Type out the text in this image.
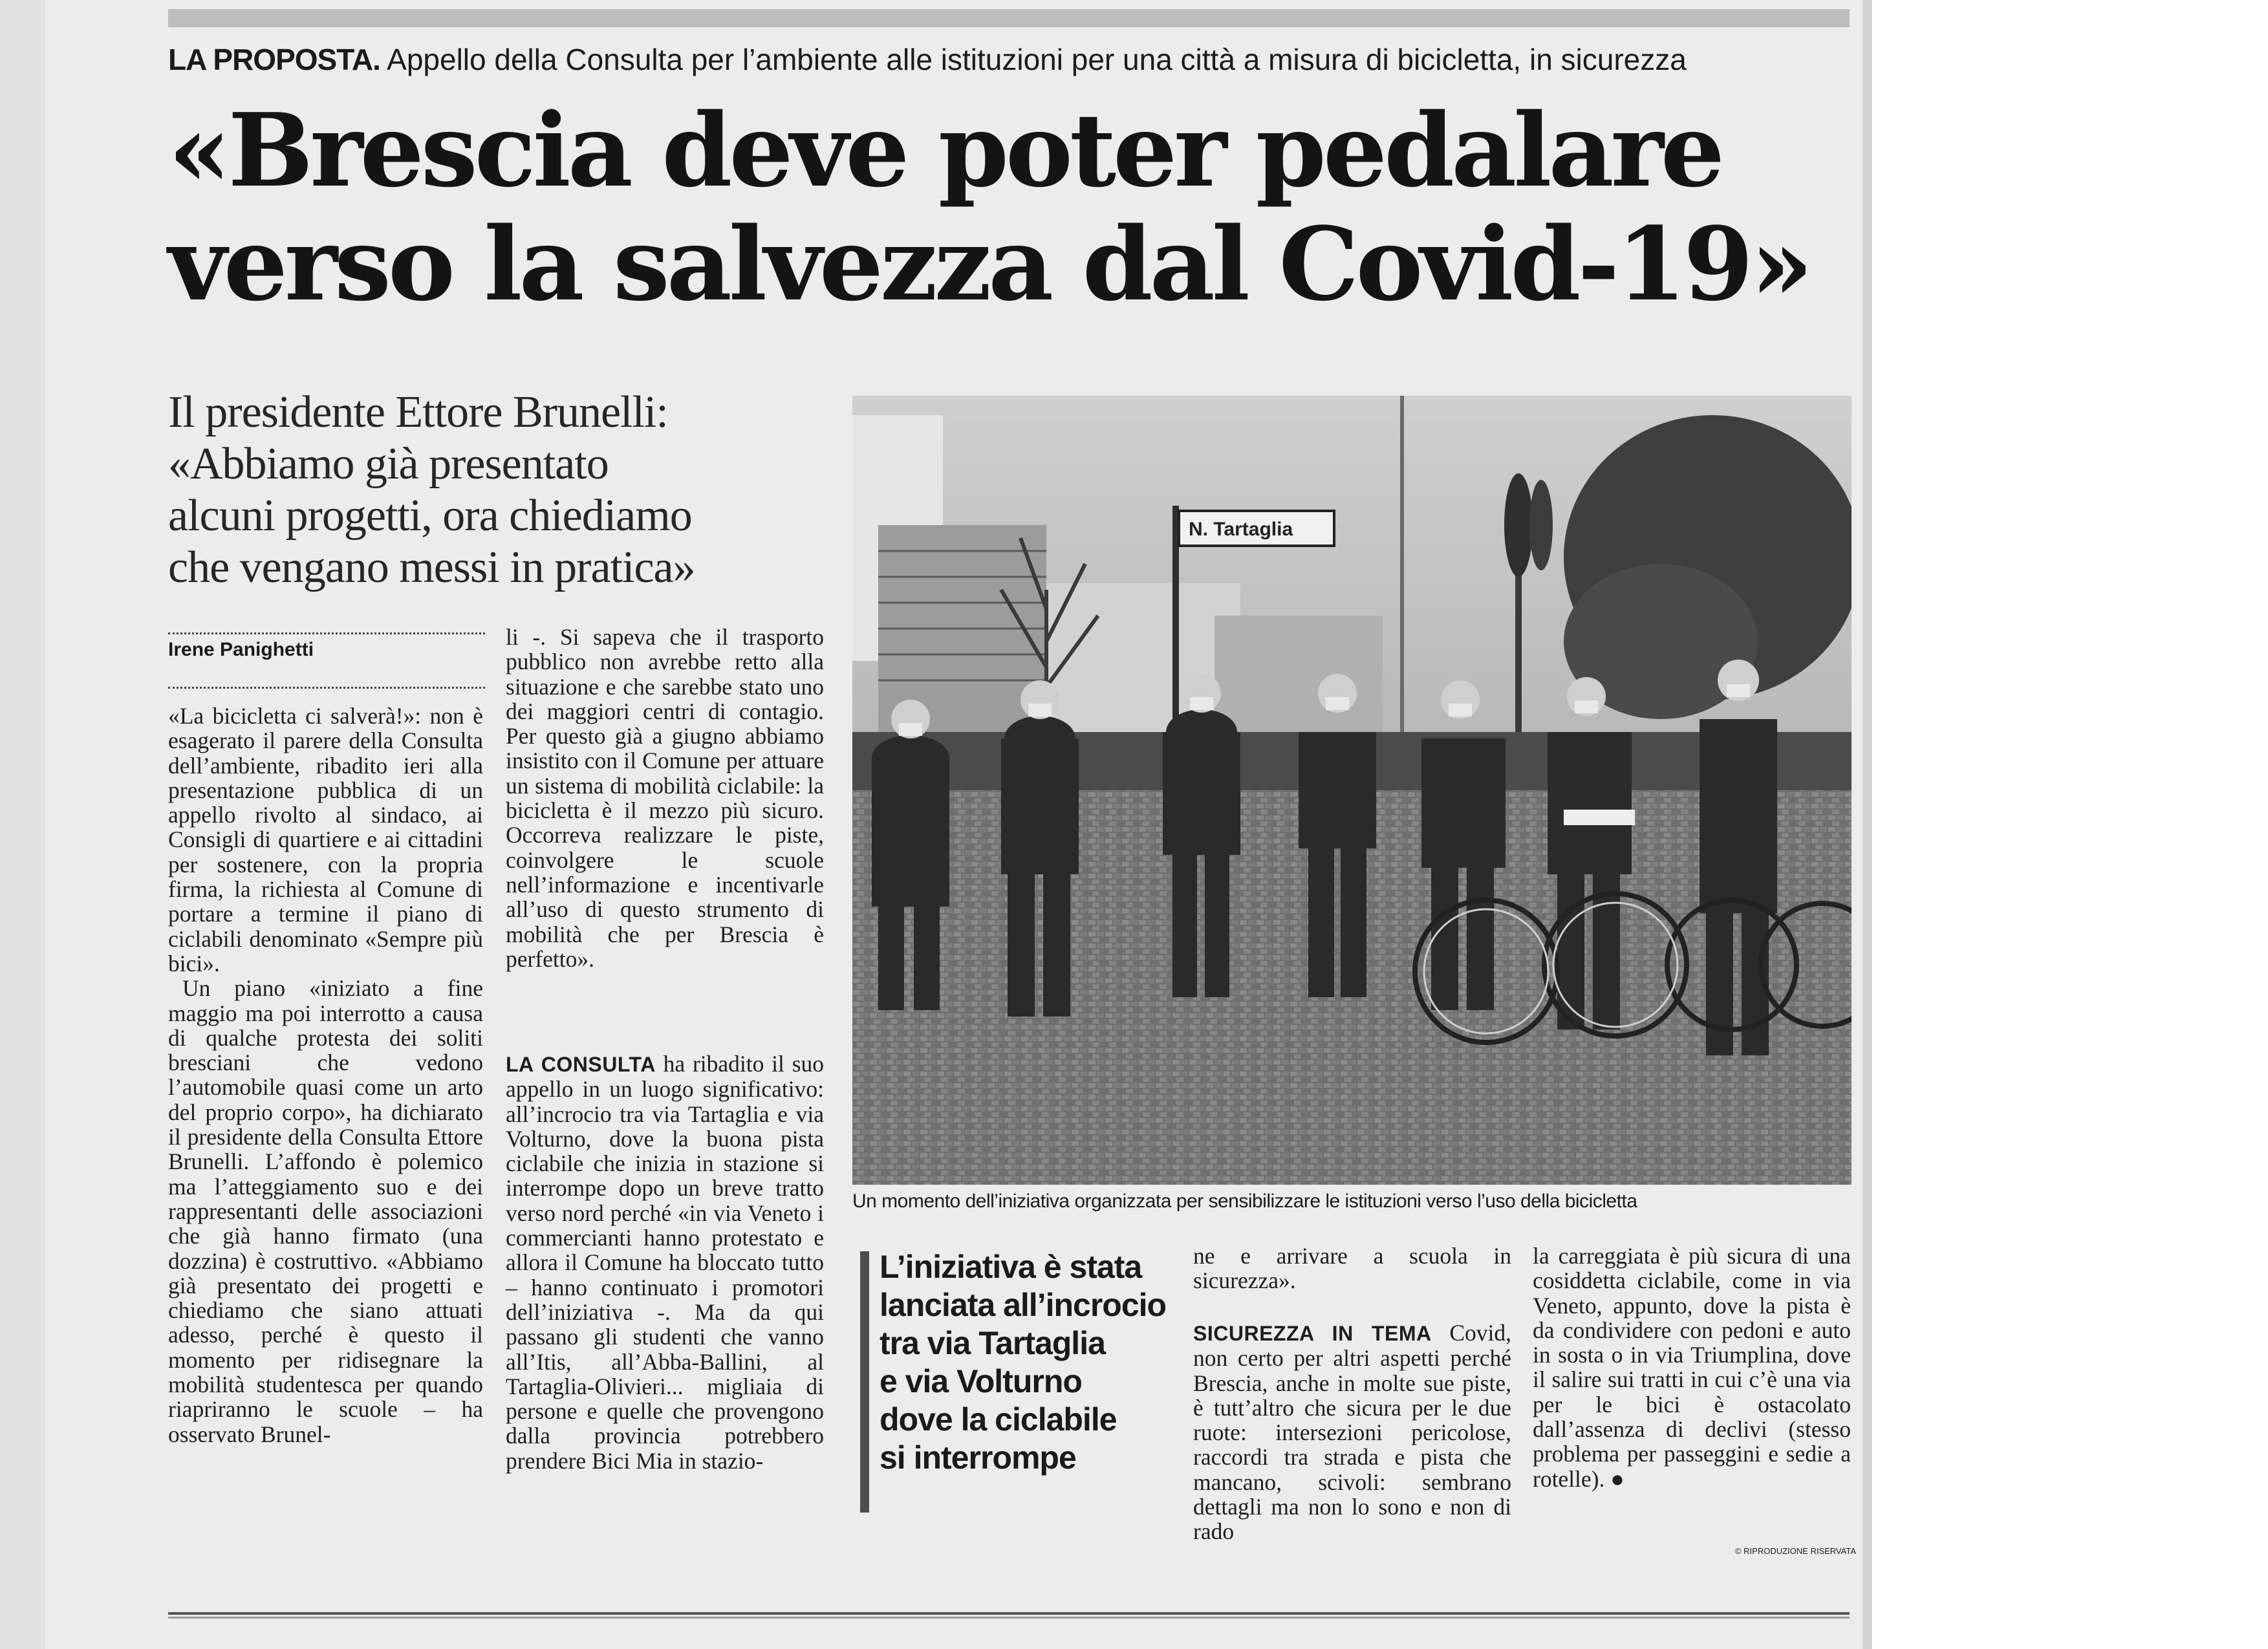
LA PROPOSTA. Appello della Consulta per l’ambiente alle istituzioni per una città a misura di bicicletta, in sicurezza
«Brescia deve poter pedalare
verso la salvezza dal Covid-19»
Il presidente Ettore Brunelli:
«Abbiamo già presentato
alcuni progetti, ora chiediamo
che vengano messi in pratica»
Irene Panighetti

«La bicicletta ci salverà!»: non è esagerato il parere della Consulta dell’ambiente, ribadito ieri alla presentazione pubblica di un appello rivolto al sindaco, ai Consigli di quartiere e ai cittadini per sostenere, con la propria firma, la richiesta al Comune di portare a termine il piano di ciclabili denominato «Sempre più bici».

Un piano «iniziato a fine maggio ma poi interrotto a causa di qualche protesta dei soliti bresciani che vedono l’automobile quasi come un arto del proprio corpo», ha dichiarato il presidente della Consulta Ettore Brunelli. L’affondo è polemico ma l’atteggiamento suo e dei rappresentanti delle associazioni che già hanno firmato (una dozzina) è costruttivo. «Abbiamo già presentato dei progetti e chiediamo che siano attuati adesso, perché è questo il momento per ridisegnare la mobilità studentesca per quando riapriranno le scuole – ha osservato Brunel-

li -. Si sapeva che il trasporto pubblico non avrebbe retto alla situazione e che sarebbe stato uno dei maggiori centri di contagio. Per questo già a giugno abbiamo insistito con il Comune per attuare un sistema di mobilità ciclabile: la bicicletta è il mezzo più sicuro. Occorreva realizzare le piste, coinvolgere le scuole nell’informazione e incentivarle all’uso di questo strumento di mobilità che per Brescia è perfetto».

LA CONSULTA ha ribadito il suo appello in un luogo significativo: all’incrocio tra via Tartaglia e via Volturno, dove la buona pista ciclabile che inizia in stazione si interrompe dopo un breve tratto verso nord perché «in via Veneto i commercianti hanno protestato e allora il Comune ha bloccato tutto – hanno continuato i promotori dell’iniziativa -. Ma da qui passano gli studenti che vanno all’Itis, all’Abba-Ballini, al Tartaglia-Olivieri... migliaia di persone e quelle che provengono dalla provincia potrebbero prendere Bici Mia in stazio-

N. Tartaglia
Un momento dell’iniziativa organizzata per sensibilizzare le istituzioni verso l’uso della bicicletta
L’iniziativa è stata
lanciata all’incrocio
tra via Tartaglia
e via Volturno
dove la ciclabile
si interrompe

ne e arrivare a scuola in sicurezza».

SICUREZZA IN TEMA Covid, non certo per altri aspetti perché Brescia, anche in molte sue piste, è tutt’altro che sicura per le due ruote: intersezioni pericolose, raccordi tra strada e pista che mancano, scivoli: sembrano dettagli ma non lo sono e non di rado

la carreggiata è più sicura di una cosiddetta ciclabile, come in via Veneto, appunto, dove la pista è da condividere con pedoni e auto in sosta o in via Triumplina, dove il salire sui tratti in cui c’è una via per le bici è ostacolato dall’assenza di declivi (stesso problema per passeggini e sedie a rotelle). ●

© RIPRODUZIONE RISERVATA
